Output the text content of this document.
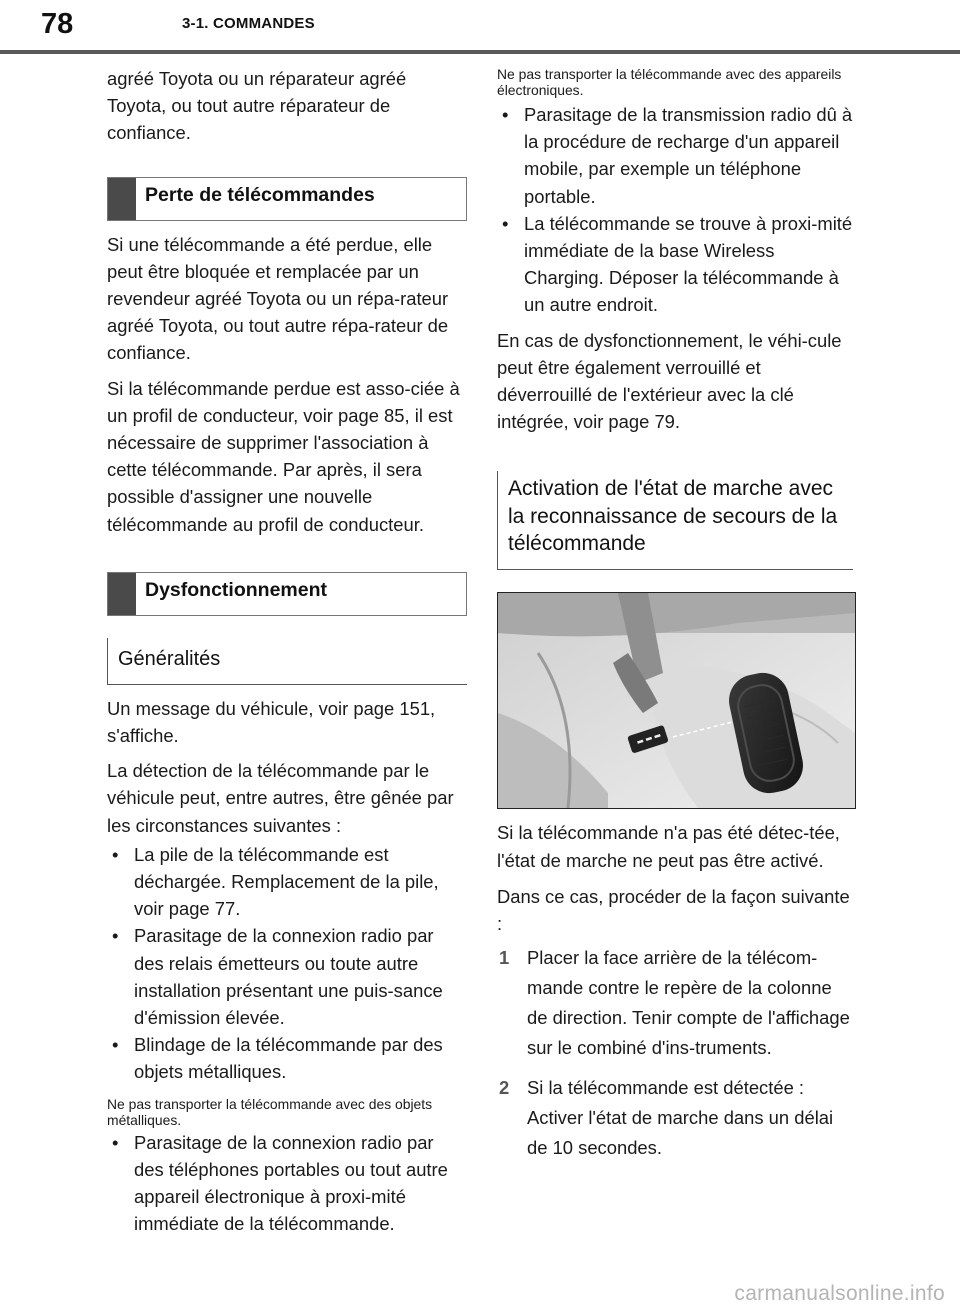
78	3-1. COMMANDES

agréé Toyota ou un réparateur agréé Toyota, ou tout autre réparateur de confiance.

Perte de télécommandes

Si une télécommande a été perdue, elle peut être bloquée et remplacée par un revendeur agréé Toyota ou un répa-rateur agréé Toyota, ou tout autre répa-rateur de confiance.

Si la télécommande perdue est asso-ciée à un profil de conducteur, voir page 85, il est nécessaire de supprimer l'association à cette télécommande. Par après, il sera possible d'assigner une nouvelle télécommande au profil de conducteur.

Dysfonctionnement
Généralités

Un message du véhicule, voir page 151, s'affiche.

La détection de la télécommande par le véhicule peut, entre autres, être gênée par les circonstances suivantes :

• La pile de la télécommande est déchargée. Remplacement de la pile, voir page 77.
• Parasitage de la connexion radio par des relais émetteurs ou toute autre installation présentant une puis-sance d'émission élevée.
• Blindage de la télécommande par des objets métalliques.

Ne pas transporter la télécommande avec des objets métalliques.

• Parasitage de la connexion radio par des téléphones portables ou tout autre appareil électronique à proxi-mité immédiate de la télécommande.

Ne pas transporter la télécommande avec des appareils électroniques.

• Parasitage de la transmission radio dû à la procédure de recharge d'un appareil mobile, par exemple un téléphone portable.
• La télécommande se trouve à proxi-mité immédiate de la base Wireless Charging. Déposer la télécommande à un autre endroit.

En cas de dysfonctionnement, le véhi-cule peut être également verrouillé et déverrouillé de l'extérieur avec la clé intégrée, voir page 79.

Activation de l'état de marche avec la reconnaissance de secours de la télécommande

Si la télécommande n'a pas été détec-tée, l'état de marche ne peut pas être activé.

Dans ce cas, procéder de la façon suivante :

1 Placer la face arrière de la télécom-mande contre le repère de la colonne de direction. Tenir compte de l'affichage sur le combiné d'ins-truments.
2 Si la télécommande est détectée : Activer l'état de marche dans un délai de 10 secondes.
carmanualsonline.info
